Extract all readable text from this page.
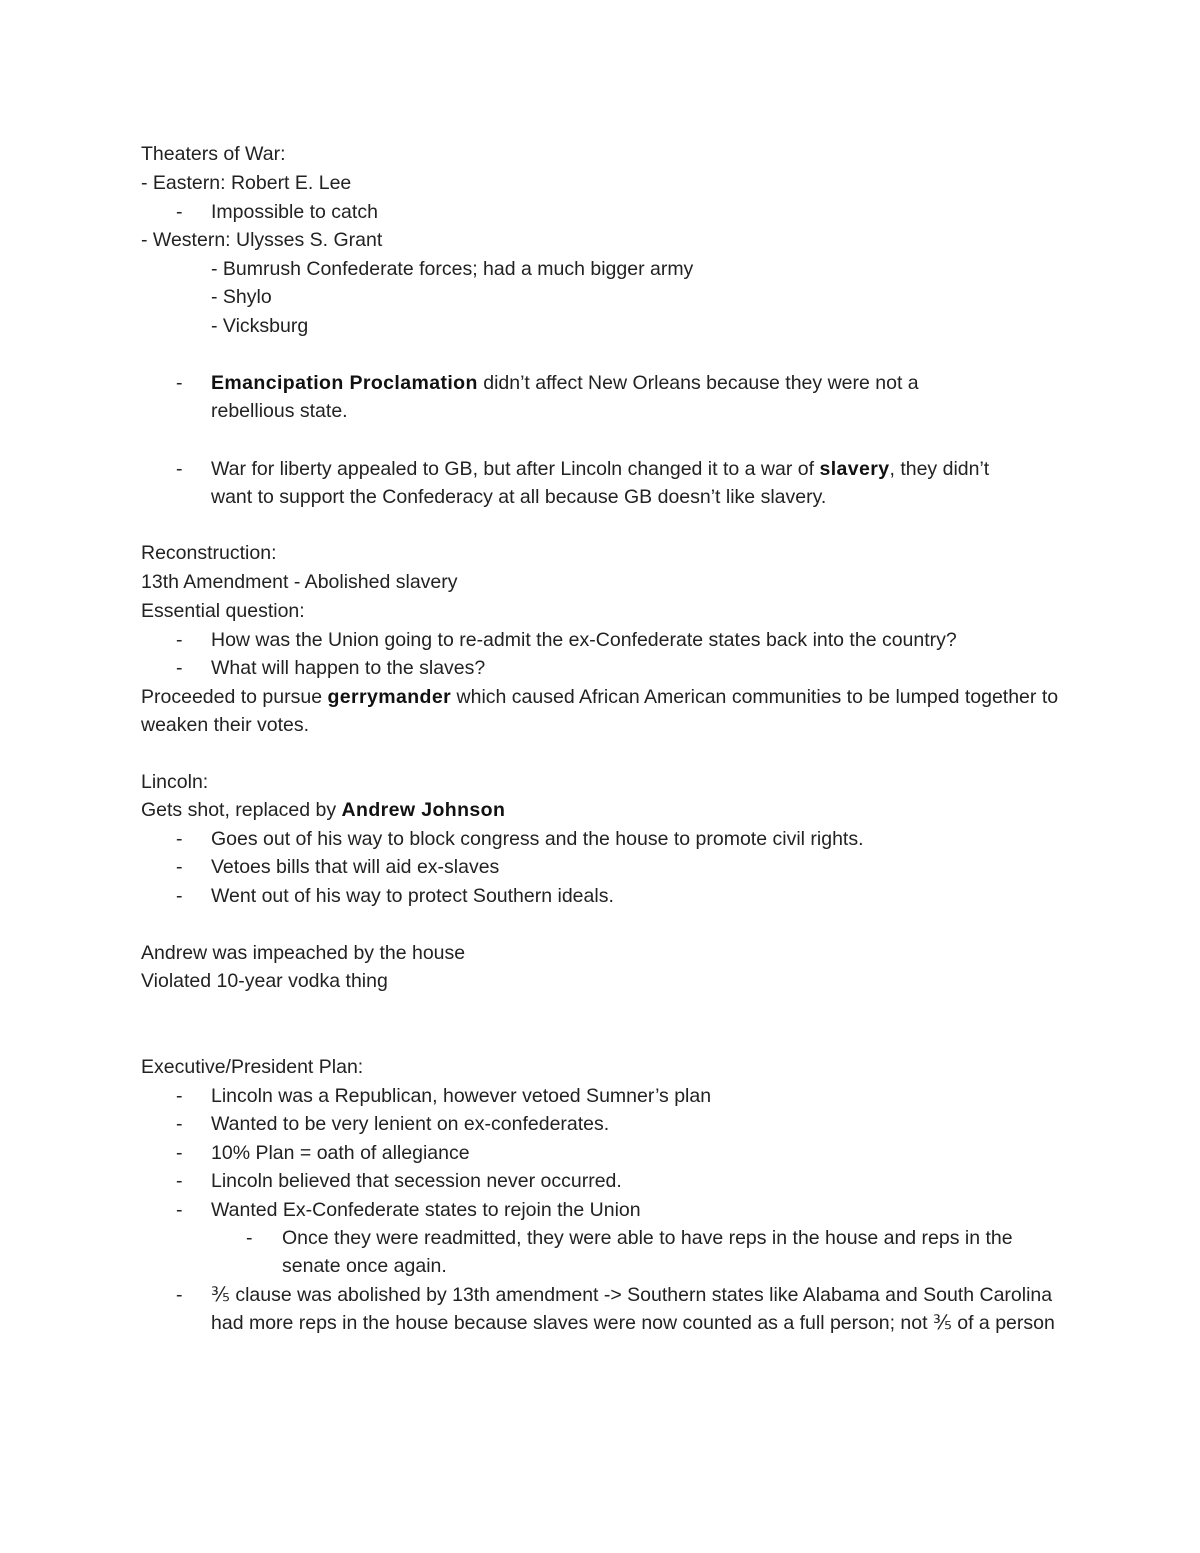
Theaters of War:
- Eastern: Robert E. Lee
- Impossible to catch
- Western: Ulysses S. Grant
- Bumrush Confederate forces; had a much bigger army
- Shylo
- Vicksburg
- Emancipation Proclamation didn’t affect New Orleans because they were not a rebellious state.
- War for liberty appealed to GB, but after Lincoln changed it to a war of slavery, they didn’t want to support the Confederacy at all because GB doesn’t like slavery.
Reconstruction:
13th Amendment - Abolished slavery
Essential question:
- How was the Union going to re-admit the ex-Confederate states back into the country?
- What will happen to the slaves?
Proceeded to pursue gerrymander which caused African American communities to be lumped together to weaken their votes.
Lincoln:
Gets shot, replaced by Andrew Johnson
- Goes out of his way to block congress and the house to promote civil rights.
- Vetoes bills that will aid ex-slaves
- Went out of his way to protect Southern ideals.
Andrew was impeached by the house
Violated 10-year vodka thing
Executive/President Plan:
- Lincoln was a Republican, however vetoed Sumner’s plan
- Wanted to be very lenient on ex-confederates.
- 10% Plan = oath of allegiance
- Lincoln believed that secession never occurred.
- Wanted Ex-Confederate states to rejoin the Union
- Once they were readmitted, they were able to have reps in the house and reps in the senate once again.
- ⅗ clause was abolished by 13th amendment -> Southern states like Alabama and South Carolina had more reps in the house because slaves were now counted as a full person; not ⅗ of a person
